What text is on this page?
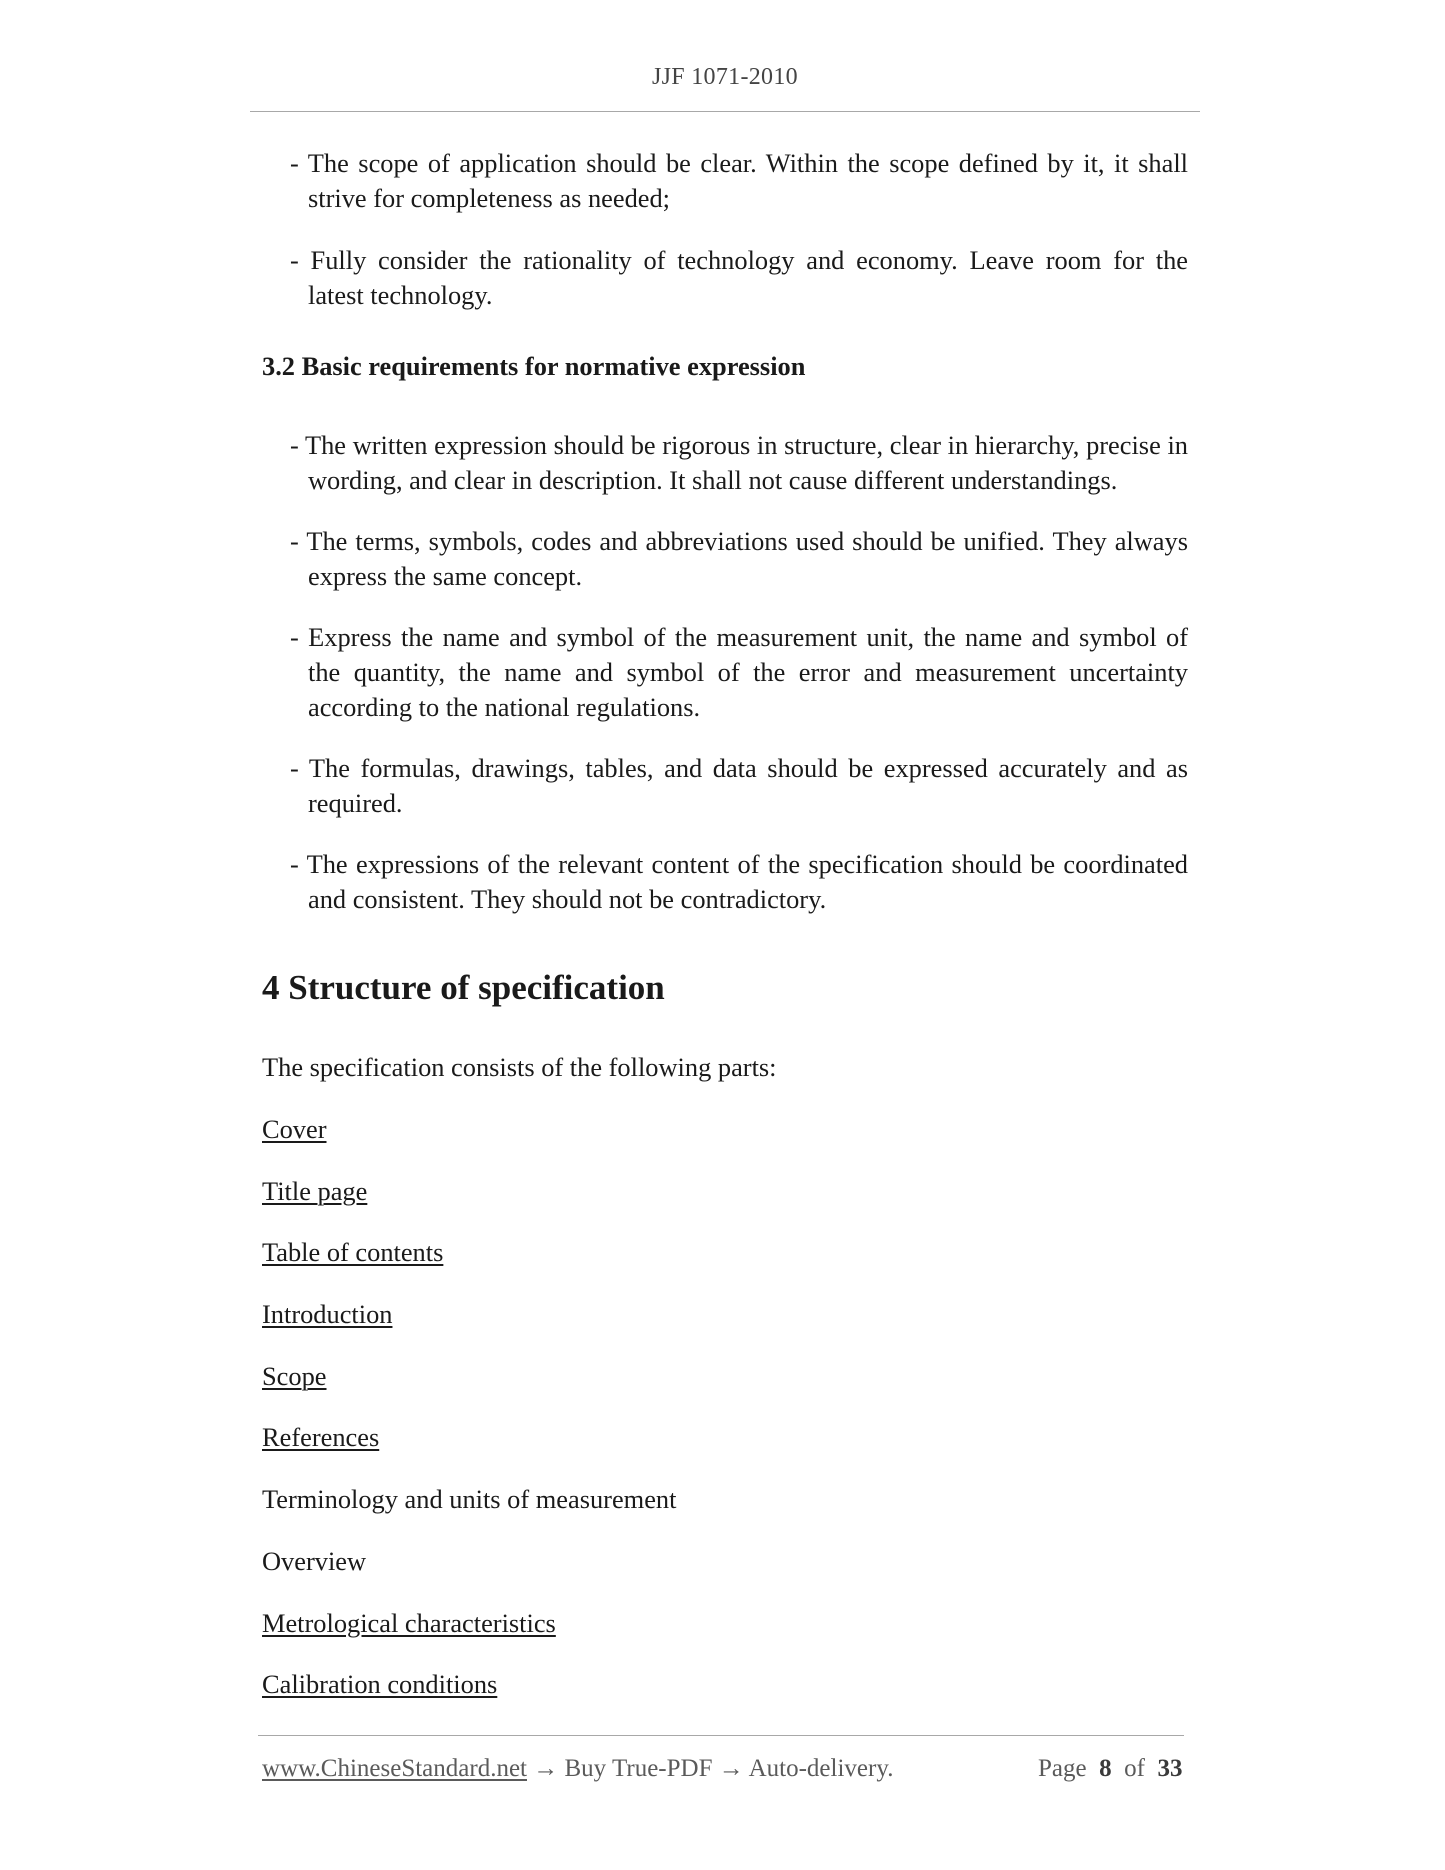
JJF 1071-2010
- The scope of application should be clear. Within the scope defined by it, it shall strive for completeness as needed;
- Fully consider the rationality of technology and economy. Leave room for the latest technology.
3.2 Basic requirements for normative expression
- The written expression should be rigorous in structure, clear in hierarchy, precise in wording, and clear in description. It shall not cause different understandings.
- The terms, symbols, codes and abbreviations used should be unified. They always express the same concept.
- Express the name and symbol of the measurement unit, the name and symbol of the quantity, the name and symbol of the error and measurement uncertainty according to the national regulations.
- The formulas, drawings, tables, and data should be expressed accurately and as required.
- The expressions of the relevant content of the specification should be coordinated and consistent. They should not be contradictory.
4 Structure of specification
The specification consists of the following parts:
Cover
Title page
Table of contents
Introduction
Scope
References
Terminology and units of measurement
Overview
Metrological characteristics
Calibration conditions
www.ChineseStandard.net → Buy True-PDF → Auto-delivery.	Page 8 of 33
